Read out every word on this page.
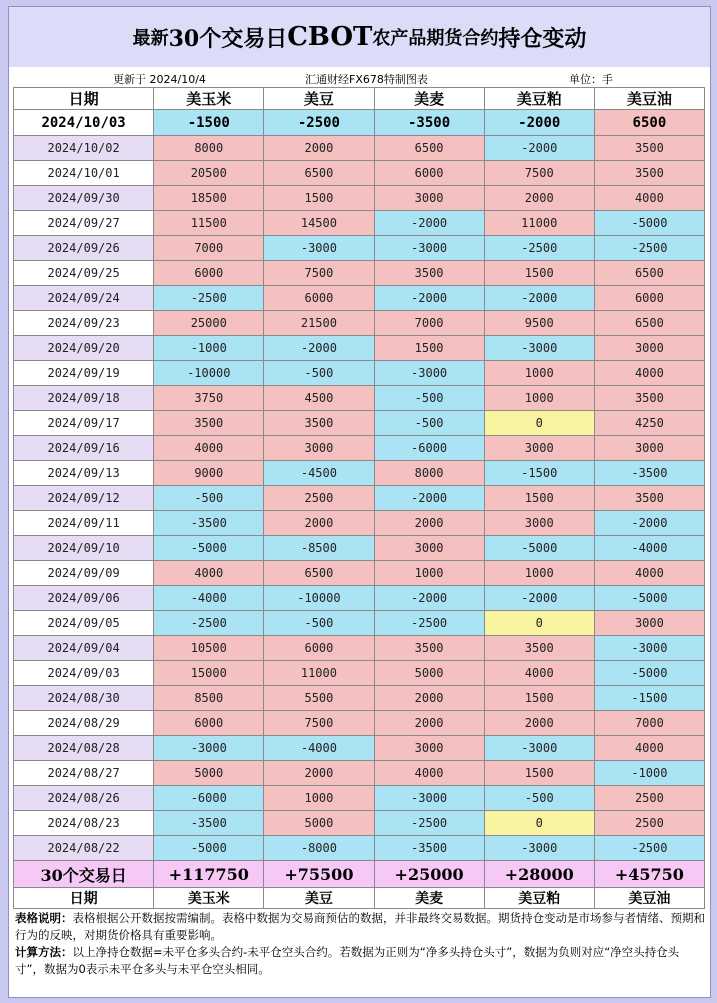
最新 30个交易日 CBOT 农产品期货合约 持仓变动
更新于 2024/10/4	汇通财经FX678特制图表	单位：手
日期	美玉米	美豆	美麦	美豆粕	美豆油
2024/10/03	-1500	-2500	-3500	-2000	6500
2024/10/02	8000	2000	6500	-2000	3500
2024/10/01	20500	6500	6000	7500	3500
2024/09/30	18500	1500	3000	2000	4000
2024/09/27	11500	14500	-2000	11000	-5000
2024/09/26	7000	-3000	-3000	-2500	-2500
2024/09/25	6000	7500	3500	1500	6500
2024/09/24	-2500	6000	-2000	-2000	6000
2024/09/23	25000	21500	7000	9500	6500
2024/09/20	-1000	-2000	1500	-3000	3000
2024/09/19	-10000	-500	-3000	1000	4000
2024/09/18	3750	4500	-500	1000	3500
2024/09/17	3500	3500	-500	0	4250
2024/09/16	4000	3000	-6000	3000	3000
2024/09/13	9000	-4500	8000	-1500	-3500
2024/09/12	-500	2500	-2000	1500	3500
2024/09/11	-3500	2000	2000	3000	-2000
2024/09/10	-5000	-8500	3000	-5000	-4000
2024/09/09	4000	6500	1000	1000	4000
2024/09/06	-4000	-10000	-2000	-2000	-5000
2024/09/05	-2500	-500	-2500	0	3000
2024/09/04	10500	6000	3500	3500	-3000
2024/09/03	15000	11000	5000	4000	-5000
2024/08/30	8500	5500	2000	1500	-1500
2024/08/29	6000	7500	2000	2000	7000
2024/08/28	-3000	-4000	3000	-3000	4000
2024/08/27	5000	2000	4000	1500	-1000
2024/08/26	-6000	1000	-3000	-500	2500
2024/08/23	-3500	5000	-2500	0	2500
2024/08/22	-5000	-8000	-3500	-3000	-2500
30个交易日	+117750	+75500	+25000	+28000	+45750
日期	美玉米	美豆	美麦	美豆粕	美豆油
表格说明：表格根据公开数据按需编制。表格中数据为交易商预估的数据，并非最终交易数据。期货持仓变动是市场参与者情绪、预期和行为的反映，对期货价格具有重要影响。
计算方法：以上净持仓数据=未平仓多头合约-未平仓空头合约。若数据为正则为“净多头持仓头寸”，数据为负则对应“净空头持仓头寸”，数据为0表示未平仓多头与未平仓空头相同。
